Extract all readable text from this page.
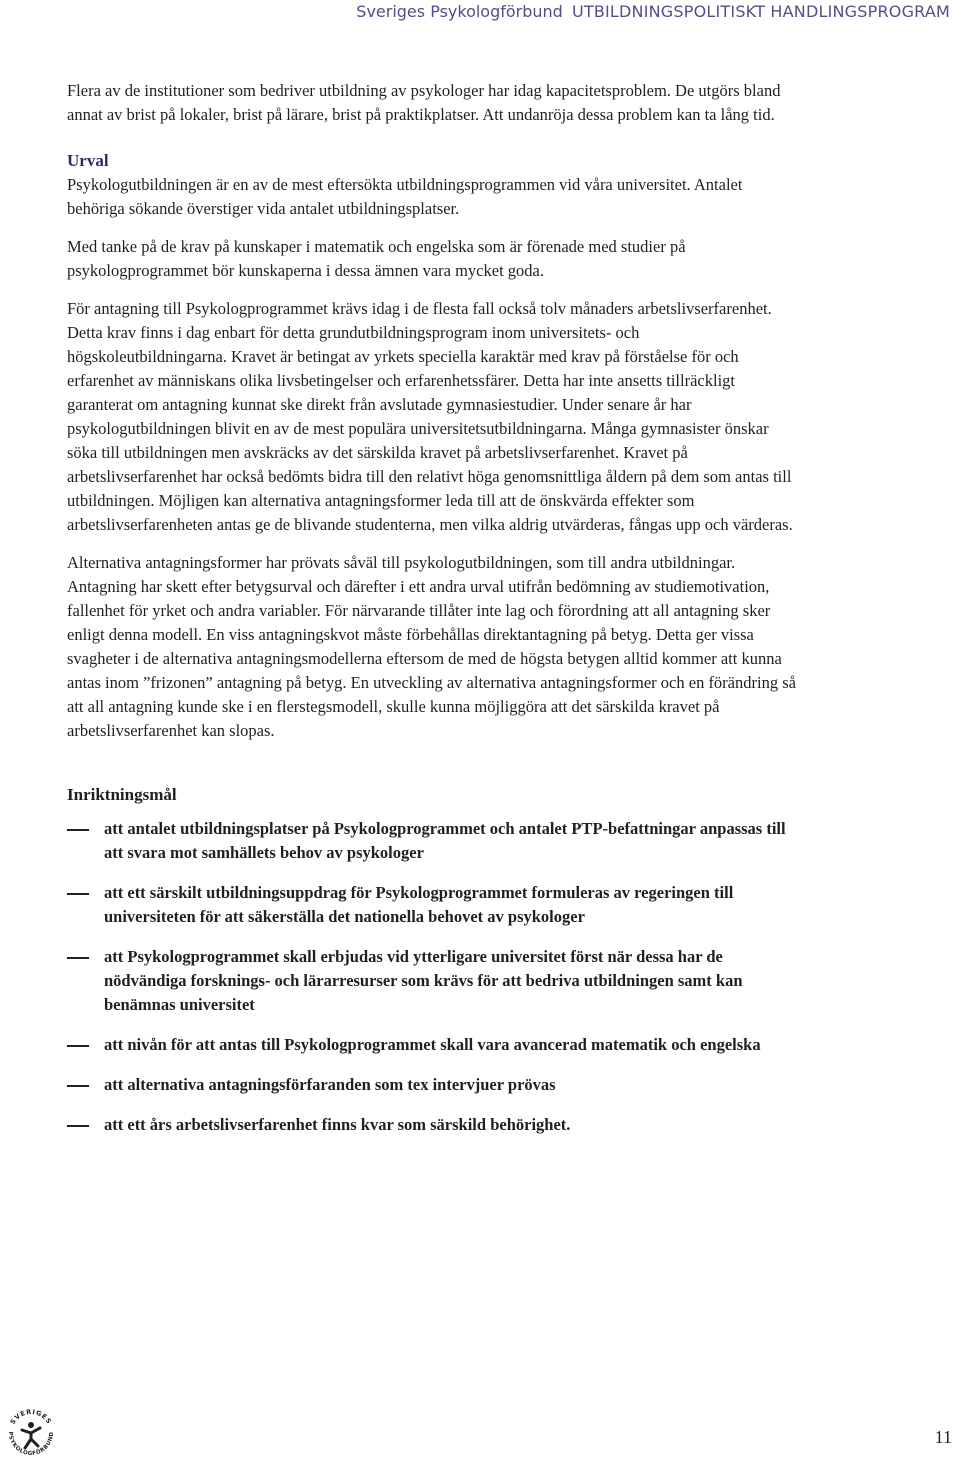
Sveriges Psykologförbund UTBILDNINGSPOLITISKT HANDLINGSPROGRAM

Flera av de institutioner som bedriver utbildning av psykologer har idag kapacitetsproblem. De utgörs bland annat av brist på lokaler, brist på lärare, brist på praktikplatser. Att undanröja dessa problem kan ta lång tid.

Urval

Psykologutbildningen är en av de mest eftersökta utbildningsprogrammen vid våra universitet. Antalet behöriga sökande överstiger vida antalet utbildningsplatser.

Med tanke på de krav på kunskaper i matematik och engelska som är förenade med studier på psykologprogrammet bör kunskaperna i dessa ämnen vara mycket goda.

För antagning till Psykologprogrammet krävs idag i de flesta fall också tolv månaders arbetslivserfarenhet. Detta krav finns i dag enbart för detta grundutbildningsprogram inom universitets- och högskoleutbildningarna. Kravet är betingat av yrkets speciella karaktär med krav på förståelse för och erfarenhet av människans olika livsbetingelser och erfarenhetssfärer. Detta har inte ansetts tillräckligt garanterat om antagning kunnat ske direkt från avslutade gymnasiestudier. Under senare år har psykologutbildningen blivit en av de mest populära universitetsutbildningarna. Många gymnasister önskar söka till utbildningen men avskräcks av det särskilda kravet på arbetslivserfarenhet. Kravet på arbetslivserfarenhet har också bedömts bidra till den relativt höga genomsnittliga åldern på dem som antas till utbildningen. Möjligen kan alternativa antagningsformer leda till att de önskvärda effekter som arbetslivserfarenheten antas ge de blivande studenterna, men vilka aldrig utvärderas, fångas upp och värderas.

Alternativa antagningsformer har prövats såväl till psykologutbildningen, som till andra utbildningar. Antagning har skett efter betygsurval och därefter i ett andra urval utifrån bedömning av studiemotivation, fallenhet för yrket och andra variabler. För närvarande tillåter inte lag och förordning att all antagning sker enligt denna modell. En viss antagningskvot måste förbehållas direktantagning på betyg. Detta ger vissa svagheter i de alternativa antagningsmodellerna eftersom de med de högsta betygen alltid kommer att kunna antas inom ”frizonen” antagning på betyg. En utveckling av alternativa antagningsformer och en förändring så att all antagning kunde ske i en flerstegsmodell, skulle kunna möjliggöra att det särskilda kravet på arbetslivserfarenhet kan slopas.

Inriktningsmål
att antalet utbildningsplatser på Psykologprogrammet och antalet PTP-befattningar anpassas till att svara mot samhällets behov av psykologer
att ett särskilt utbildningsuppdrag för Psykologprogrammet formuleras av regeringen till universiteten för att säkerställa det nationella behovet av psykologer
att Psykologprogrammet skall erbjudas vid ytterligare universitet först när dessa har de nödvändiga forsknings- och lärarresurser som krävs för att bedriva utbildningen samt kan benämnas universitet
att nivån för att antas till Psykologprogrammet skall vara avancerad matematik och engelska
att alternativa antagningsförfaranden som tex intervjuer prövas
att ett års arbetslivserfarenhet finns kvar som särskild behörighet.
SVERIGES
PSYKOLOGFÖRBUND	11
